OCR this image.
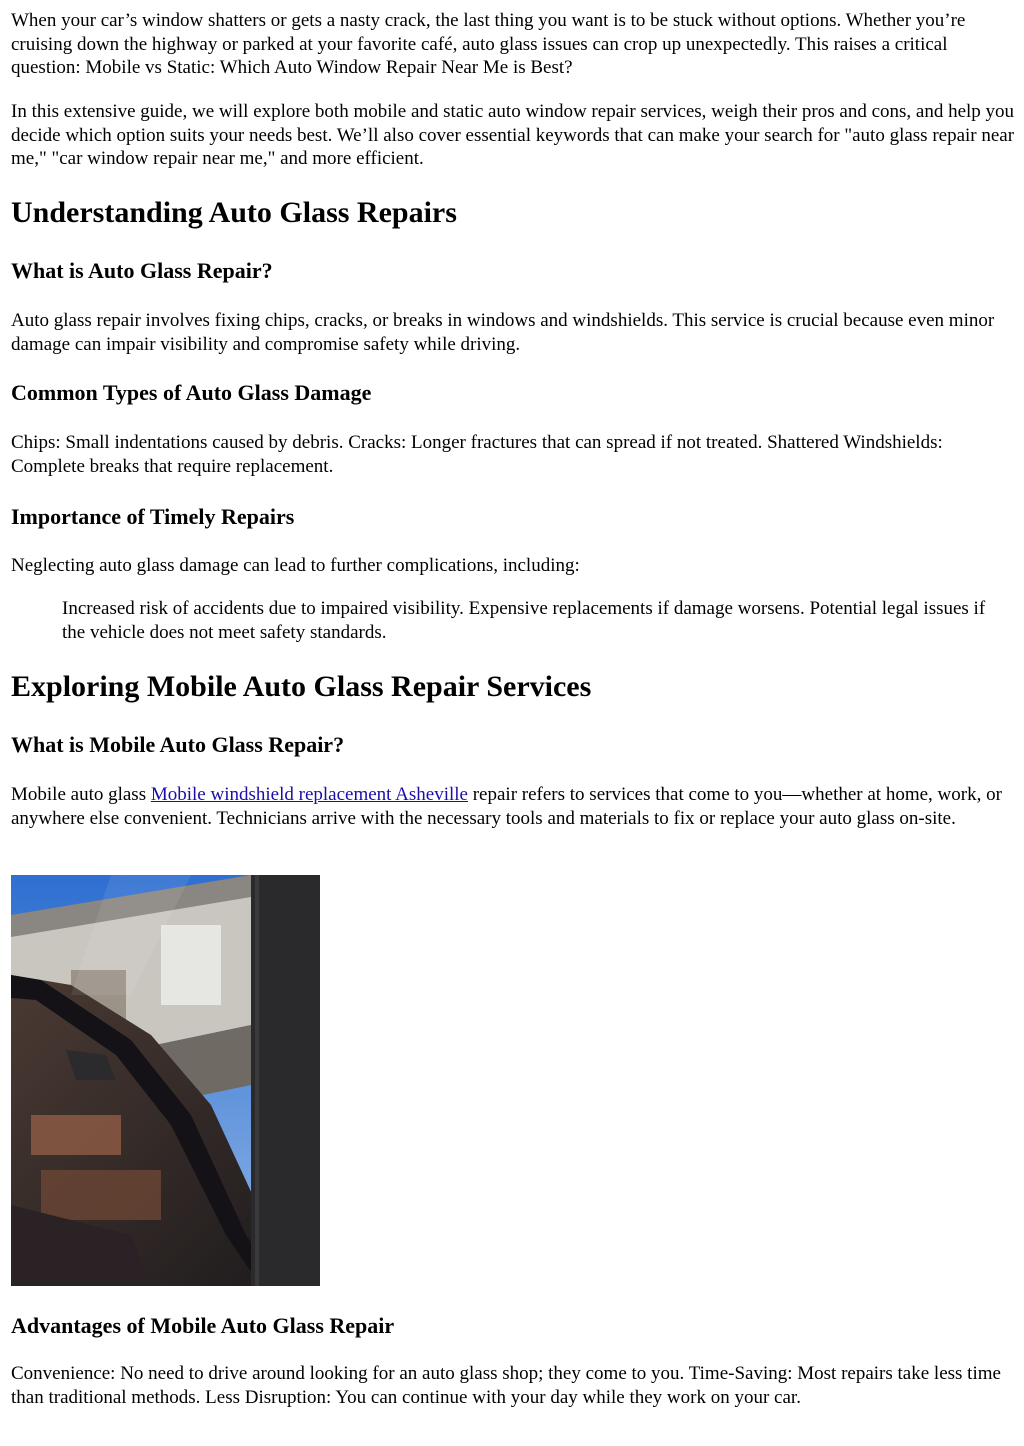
When your car’s window shatters or gets a nasty crack, the last thing you want is to be stuck without options. Whether you’re cruising down the highway or parked at your favorite café, auto glass issues can crop up unexpectedly. This raises a critical question: Mobile vs Static: Which Auto Window Repair Near Me is Best?

In this extensive guide, we will explore both mobile and static auto window repair services, weigh their pros and cons, and help you decide which option suits your needs best. We’ll also cover essential keywords that can make your search for "auto glass repair near me," "car window repair near me," and more efficient.

Understanding Auto Glass Repairs
What is Auto Glass Repair?

Auto glass repair involves fixing chips, cracks, or breaks in windows and windshields. This service is crucial because even minor damage can impair visibility and compromise safety while driving.

Common Types of Auto Glass Damage

Chips: Small indentations caused by debris. Cracks: Longer fractures that can spread if not treated. Shattered Windshields: Complete breaks that require replacement.

Importance of Timely Repairs

Neglecting auto glass damage can lead to further complications, including:

Increased risk of accidents due to impaired visibility. Expensive replacements if damage worsens. Potential legal issues if the vehicle does not meet safety standards.
Exploring Mobile Auto Glass Repair Services
What is Mobile Auto Glass Repair?

Mobile auto glass Mobile windshield replacement Asheville repair refers to services that come to you—whether at home, work, or anywhere else convenient. Technicians arrive with the necessary tools and materials to fix or replace your auto glass on-site.

Advantages of Mobile Auto Glass Repair

Convenience: No need to drive around looking for an auto glass shop; they come to you. Time-Saving: Most repairs take less time than traditional methods. Less Disruption: You can continue with your day while they work on your car.
